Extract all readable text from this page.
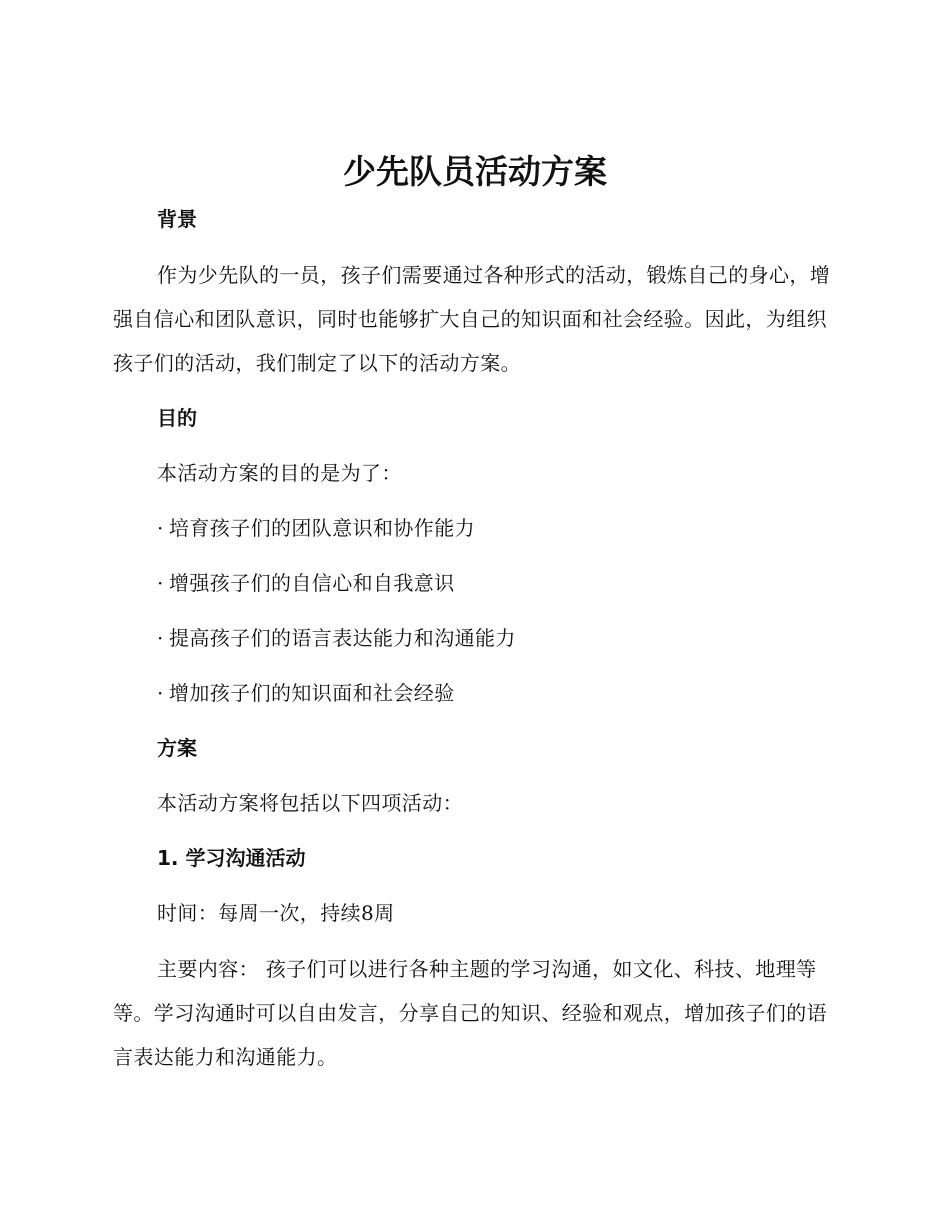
少先队员活动方案
背景

作为少先队的一员，孩子们需要通过各种形式的活动，锻炼自己的身心，增强自信心和团队意识，同时也能够扩大自己的知识面和社会经验。因此，为组织孩子们的活动，我们制定了以下的活动方案。

目的
本活动方案的目的是为了：
· 培育孩子们的团队意识和协作能力
· 增强孩子们的自信心和自我意识
· 提高孩子们的语言表达能力和沟通能力
· 增加孩子们的知识面和社会经验
方案
本活动方案将包括以下四项活动：
1. 学习沟通活动
时间：每周一次，持续8周

主要内容： 孩子们可以进行各种主题的学习沟通，如文化、科技、地理等等。学习沟通时可以自由发言，分享自己的知识、经验和观点，增加孩子们的语言表达能力和沟通能力。
